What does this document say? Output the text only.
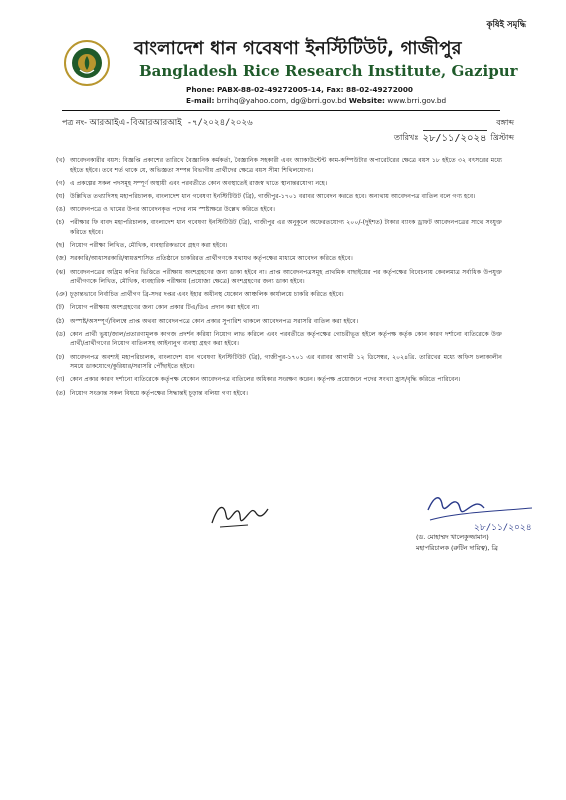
কৃষিই সমৃদ্ধি
বাংলাদেশ ধান গবেষণা ইনস্টিটিউট, গাজীপুর
Bangladesh Rice Research Institute, Gazipur
Phone: PABX-88-02-49272005-14, Fax: 88-02-49272000
E-mail: brrihq@yahoo.com, dg@brri.gov.bd Website: www.brri.gov.bd
পত্র নং- আরআইএ-বিআরআরআই -৭/২০২৪/২০২৬	বঙ্গাব্দ
তারিখঃ ২৮/১১/২০২৪ খ্রিস্টাব্দ
(খ) আবেদনকারীর বয়স: বিজ্ঞপ্তি প্রকাশের তারিখে বৈজ্ঞানিক কর্মকর্তা, বৈজ্ঞানিক সহকারী এবং অ্যাকাউন্টেন্ট কাম-কম্পিউটার অপারেটরের ক্ষেত্রে বয়স ১৮ হইতে ৩২ বৎসরের মধ্যে হইতে হইবে। তবে শর্ত থাকে যে, অভিজ্ঞতা সম্পন্ন বিভাগীয় প্রার্থীদের ক্ষেত্রে বয়স সীমা শিথিলযোগ্য।
(গ) এ প্রকল্পের সকল পদসমূহ সম্পূর্ণ অস্থায়ী এবং পরবর্তীতে কোন অবস্থাতেই রাজস্ব খাতে স্থানান্তরযোগ্য নহে।
(ঘ) উল্লিখিত তথ্যাদিসহ মহাপরিচালক, বাংলাদেশ ধান গবেষণা ইনস্টিটিউট (ব্রি), গাজীপুর-১৭০১ বরাবর আবেদন করতে হবে। অন্যথায় আবেদনপত্র বাতিল বলে গণ্য হবে।
(ঙ) আবেদনপত্রে ও খামের উপর আবেদনকৃত পদের নাম স্পষ্টাক্ষরে উল্লেখ করিতে হইবে।
(চ) পরীক্ষার ফি বাবদ মহাপরিচালক, বাংলাদেশ ধান গবেষণা ইনস্টিটিউট (ব্রি), গাজীপুর এর অনুকূলে অফেরতযোগ্য ২০০/-(দুইশত) টাকার ব্যাংক ড্রাফট আবেদনপত্রের সাথে সংযুক্ত করিতে হইবে।
(ছ) নিয়োগ পরীক্ষা লিখিত, মৌখিক, ব্যবহারিকভাবে গ্রহণ করা হইবে।
(জ) সরকারি/আধাসরকারি/স্বায়ত্তশাসিত প্রতিষ্ঠানে চাকরিরত প্রার্থীগণকে যথাযথ কর্তৃপক্ষের মাধ্যমে আবেদন করিতে হইবে।
(ঝ) আবেদনপত্রের অগ্রিম কপির ভিত্তিতে পরীক্ষায় অংশগ্রহণের জন্য ডাকা হইবে না। প্রাপ্ত আবেদনপত্রসমূহ প্রাথমিক বাছাইয়ের পর কর্তৃপক্ষের বিবেচনায় কেবলমাত্র সর্বাধিক উপযুক্ত প্রার্থীগণকে লিখিত, মৌখিক, ব্যবহারিক পরীক্ষায় (প্রযোজ্য ক্ষেত্রে) অংশগ্রহণের জন্য ডাকা হইবে।
(ঞ) চূড়ান্তভাবে নির্বাচিত প্রার্থীগণ ব্রি-সদর দপ্তর এবং ইহার অধীনস্থ যেকোন আঞ্চলিক কার্যালয়ে চাকরি করিতে হইবে।
(ট) নিয়োগ পরীক্ষায় অংশগ্রহণের জন্য কোন প্রকার টিএ/ডিএ প্রদান করা হইবে না।
(ঠ) অস্পষ্ট/অসম্পূর্ণ/বিলম্বে প্রাপ্ত অথবা আবেদনপত্রে কোন প্রকার সুপারিশ থাকলে আবেদনপত্র সরাসরি বাতিল করা হইবে।
(ড) কোন প্রার্থী ভুয়া/জাল/প্রতারণামূলক কাগজ প্রদর্শন করিয়া নিয়োগ লাভ করিলে এবং পরবর্তীতে কর্তৃপক্ষের গোচরীভূত হইলে কর্তৃপক্ষ কর্তৃক কোন কারণ দর্শানো ব্যতিরেকে উক্ত প্রার্থী/প্রার্থীগণের নিয়োগ বাতিলসহ আইনানুগ ব্যবস্থা গ্রহণ করা হইবে।
(ঢ) আবেদনপত্র অবশ্যই মহাপরিচালক, বাংলাদেশ ধান গবেষণা ইনস্টিটিউট (ব্রি), গাজীপুর-১৭০১ এর বরাবর আগামী ১২ ডিসেম্বর, ২০২৪খ্রি. তারিখের মধ্যে অফিস চলাকালীন সময়ে ডাকযোগে/কুরিয়ার/সরাসরি পৌঁছাইতে হইবে।
(ণ) কোন প্রকার কারণ দর্শানো ব্যতিরেকে কর্তৃপক্ষ যেকোন আবেদনপত্র বাতিলের অধিকার সংরক্ষণ করেন। কর্তৃপক্ষ প্রয়োজনে পদের সংখ্যা হ্রাস/বৃদ্ধি করিতে পারিবেন।
(ত) নিয়োগ সংক্রান্ত সকল বিষয়ে কর্তৃপক্ষের সিদ্ধান্তই চূড়ান্ত বলিয়া গণ্য হইবে।
২৮/১১/২০২৪
(ড. মোহাম্মদ খালেকুজ্জামান)
মহাপরিচালক (রুটিন দায়িত্ব), ব্রি
